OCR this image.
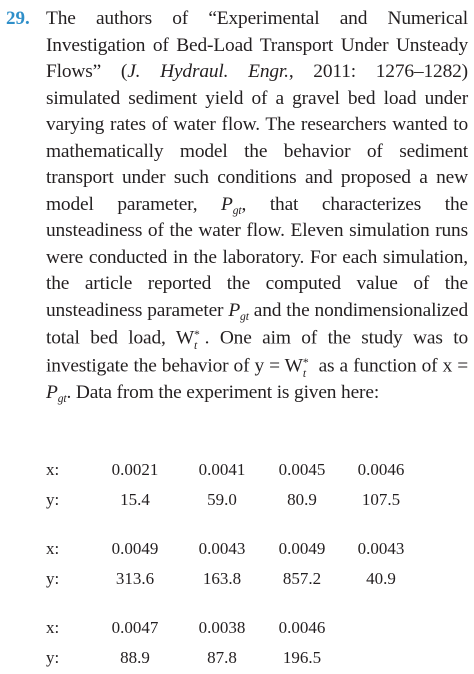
29. The authors of “Experimental and Numerical Investigation of Bed-Load Transport Under Unsteady Flows” (J. Hydraul. Engr., 2011: 1276–1282) simulated sediment yield of a gravel bed load under varying rates of water flow. The researchers wanted to mathematically model the behavior of sediment transport under such conditions and proposed a new model parameter, $P_{gt}$, that characterizes the unsteadiness of the water flow. Eleven simulation runs were conducted in the laboratory. For each simulation, the article reported the computed value of the unsteadiness parameter $P_{gt}$ and the nondimensionalized total bed load, W *
t . One aim of the study was to investigate the behavior of y = W *
t as a function of $x = P_{gt}$. Data from the experiment is given here:
x:	0.0021	0.0041	0.0045	0.0046
y:	15.4	59.0	80.9	107.5
x:	0.0049	0.0043	0.0049	0.0043
y:	313.6	163.8	857.2	40.9
x:	0.0047	0.0038	0.0046
y:	88.9	87.8	196.5
